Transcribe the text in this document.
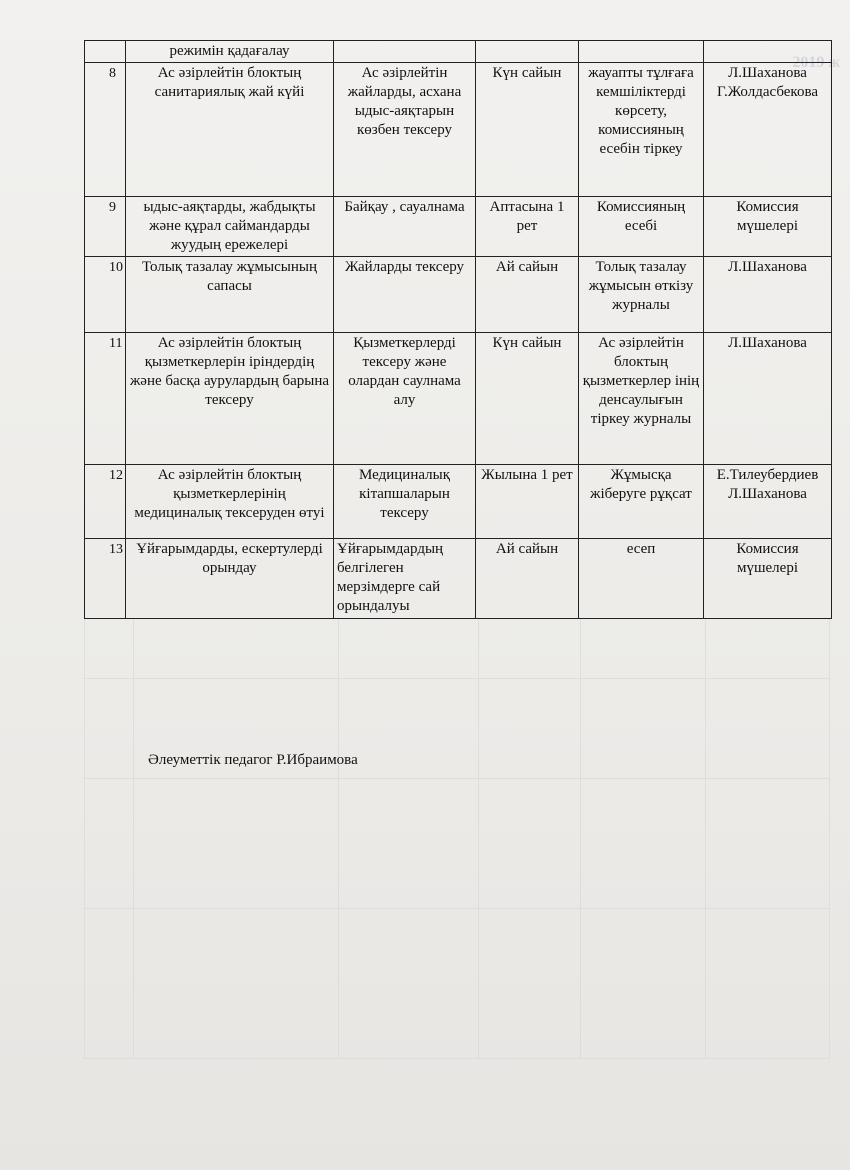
2019 ж
	режимін қадағалау				
8	Ас әзірлейтін блоктың санитариялық жай күйі	Ас әзірлейтін жайларды, асхана ыдыс-аяқтарын көзбен тексеру	Күн сайын	жауапты тұлғаға кемшіліктерді көрсету, комиссияның есебін тіркеу	Л.Шаханова Г.Жолдасбекова
9	ыдыс-аяқтарды, жабдықты және құрал саймандарды жуудың ережелері	Байқау , сауалнама	Аптасына 1 рет	Комиссияның есебі	Комиссия мүшелері
10	Толық тазалау жұмысының сапасы	Жайларды тексеру	Ай сайын	Толық тазалау жұмысын өткізу журналы	Л.Шаханова
11	Ас әзірлейтін блоктың қызметкерлерін іріндердің және басқа аурулардың барына тексеру	Қызметкерлерді тексеру және олардан саулнама алу	Күн сайын	Ас әзірлейтін блоктың қызметкерлер інің денсаулығын тіркеу журналы	Л.Шаханова
12	Ас әзірлейтін блоктың қызметкерлерінің медициналық тексеруден өтуі	Медициналық кітапшаларын тексеру	Жылына 1 рет	Жұмысқа жіберуге рұқсат	Е.Тилеубердиев Л.Шаханова
13	Ұйғарымдарды, ескертулерді орындау	Ұйғарымдардың белгілеген мерзімдерге сай орындалуы	Ай сайын	есеп	Комиссия мүшелері
Әлеуметтік педагог Р.Ибраимова
